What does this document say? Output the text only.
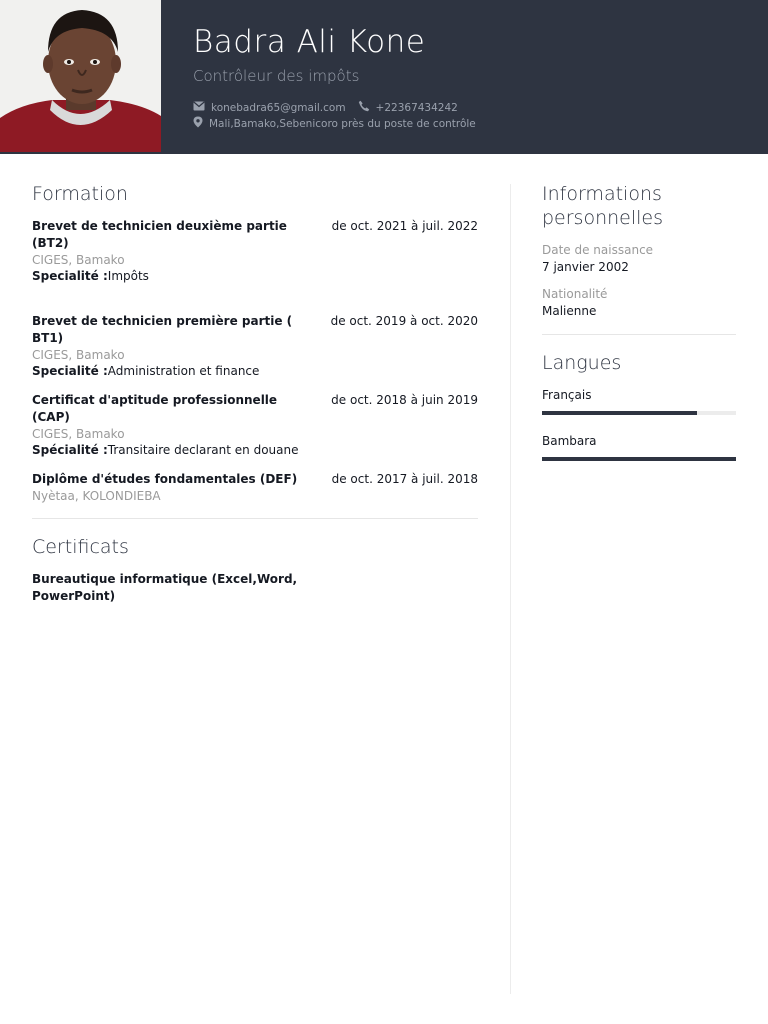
Badra Ali Kone
Contrôleur des impôts
konebadra65@gmail.com	+22367434242
Mali,Bamako,Sebenicoro près du poste de contrôle
Formation
Brevet de technicien deuxième partie (BT2)
de oct. 2021 à juil. 2022
CIGES, Bamako
Specialité :Impôts
Brevet de technicien première partie ( BT1)
de oct. 2019 à oct. 2020
CIGES, Bamako
Specialité :Administration et finance
Certificat d'aptitude professionnelle (CAP)
de oct. 2018 à juin 2019
CIGES, Bamako
Spécialité :Transitaire declarant en douane
Diplôme d'études fondamentales (DEF)	de oct. 2017 à juil. 2018
Nyètaa, KOLONDIEBA
Certificats
Bureautique informatique (Excel,Word, PowerPoint)
Informations personnelles
Date de naissance
7 janvier 2002
Nationalité
Malienne
Langues
Français
Bambara
